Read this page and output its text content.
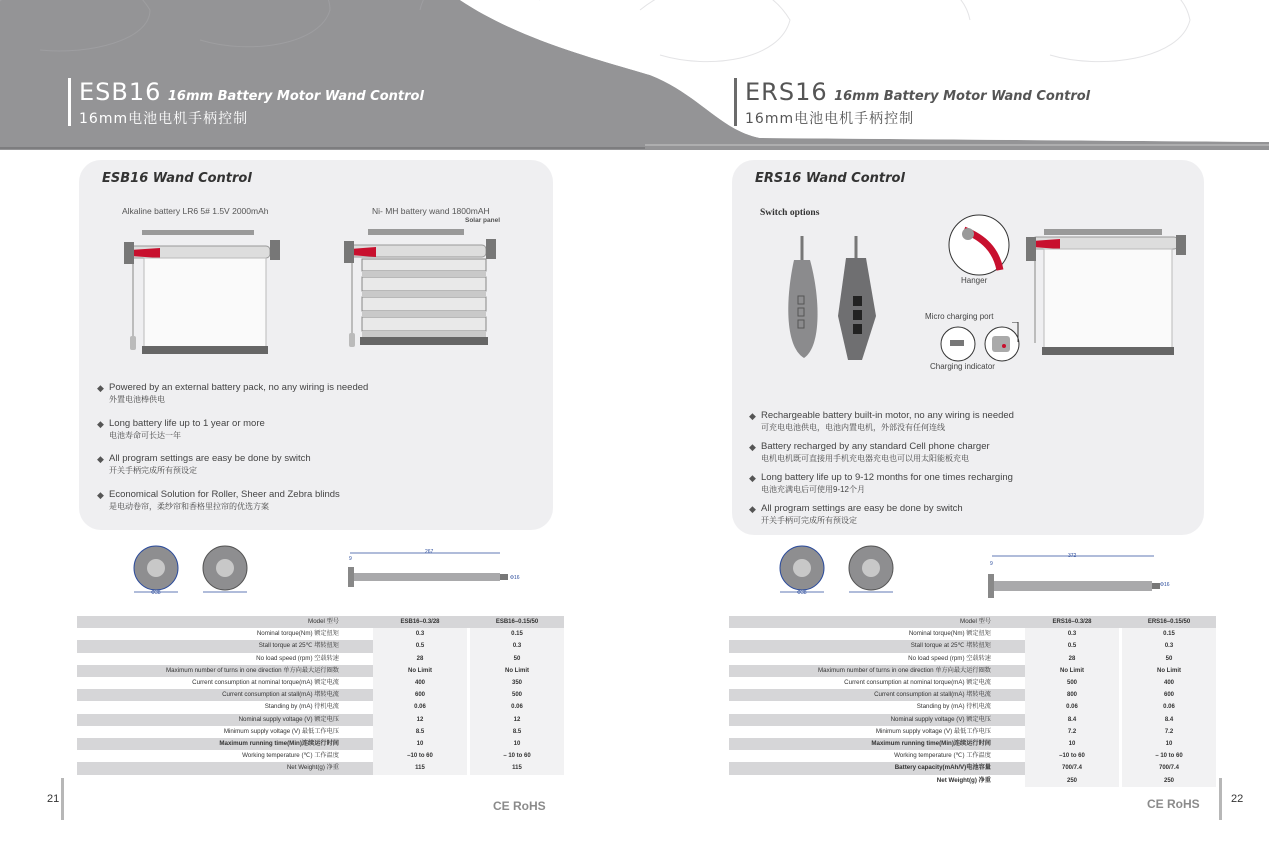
ESB16 16mm Battery Motor Wand Control
16mm电池电机手柄控制
ERS16 16mm Battery Motor Wand Control
16mm电池电机手柄控制
ESB16 Wand Control
Alkaline battery LR6 5# 1.5V 2000mAh	Ni- MH battery wand 1800mAH
Solar panel
◆ Powered by an external battery pack, no any wiring is needed
外置电池棒供电
◆ Long battery life up to 1 year or more
电池寿命可长达一年
◆ All program settings are easy be done by switch
开关手柄完成所有预设定
◆ Economical Solution for Roller, Sheer and Zebra blinds
是电动卷帘，柔纱帘和香格里拉帘的优选方案
Φ38
267
9
Φ16
Model 型号	ESB16–0.3/28		ESB16–0.15/50
Nominal torque(Nm) 额定扭矩	0.3		0.15
Stall torque at 25℃ 堵转扭矩	0.5		0.3
No load speed (rpm) 空载转速	28		50
Maximum number of turns in one direction 单方向最大运行圈数	No Limit		No Limit
Current consumption at nominal torque(mA) 额定电流	400		350
Current consumption at stall(mA) 堵转电流	600		500
Standing by (mA) 待机电流	0.06		0.06
Nominal supply voltage (V) 额定电压	12		12
Minimum supply voltage (V) 最低工作电压	8.5		8.5
Maximum running time(Min)连续运行时间	10		10
Working temperature (℃) 工作温度	–10 to 60		– 10 to 60
Net Weight(g) 净重	115		115
21	CE RoHS
ERS16 Wand Control
Switch options
Hanger
Micro charging port
Charging indicator
◆ Rechargeable battery built-in motor, no any wiring is needed
可充电电池供电，电池内置电机，外部没有任何连线
◆ Battery recharged by any standard Cell phone charger
电机电机既可直接用手机充电器充电也可以用太阳能板充电
◆ Long battery life up to 9-12 months for one times recharging
电池充满电后可使用9-12个月
◆ All program settings are easy be done by switch
开关手柄可完成所有预设定
Φ38
372
9
Φ16
Model 型号	ERS16–0.3/28		ERS16–0.15/50
Nominal torque(Nm) 额定扭矩	0.3		0.15
Stall torque at 25℃ 堵转扭矩	0.5		0.3
No load speed (rpm) 空载转速	28		50
Maximum number of turns in one direction 单方向最大运行圈数	No Limit		No Limit
Current consumption at nominal torque(mA) 额定电流	500		400
Current consumption at stall(mA) 堵转电流	800		600
Standing by (mA) 待机电流	0.06		0.06
Nominal supply voltage (V) 额定电压	8.4		8.4
Minimum supply voltage (V) 最低工作电压	7.2		7.2
Maximum running time(Min)连续运行时间	10		10
Working temperature (℃) 工作温度	–10 to 60		– 10 to 60
Battery capacity(mAh/V)电池容量	700/7.4		700/7.4
Net Weight(g) 净重	250		250
CE RoHS	22
